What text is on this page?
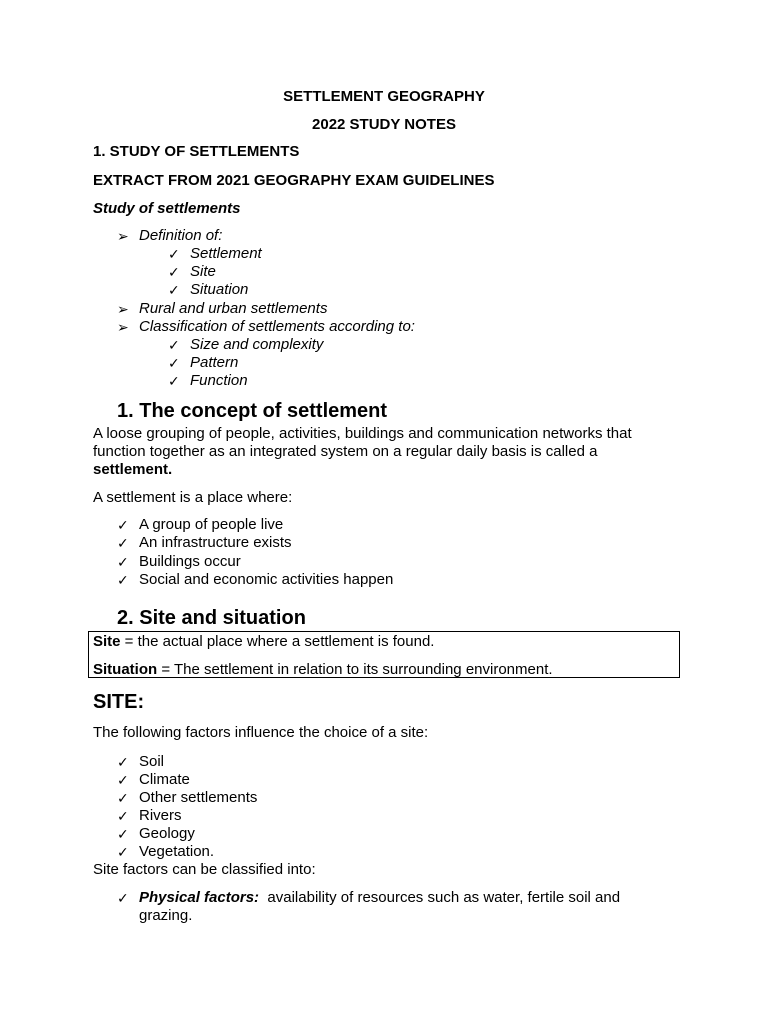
SETTLEMENT GEOGRAPHY
2022 STUDY NOTES
1. STUDY OF SETTLEMENTS
EXTRACT FROM 2021 GEOGRAPHY EXAM GUIDELINES
Study of settlements
➢ Definition of:
✓ Settlement
✓ Site
✓ Situation
➢ Rural and urban settlements
➢ Classification of settlements according to:
✓ Size and complexity
✓ Pattern
✓ Function
1. The concept of settlement
A loose grouping of people, activities, buildings and communication networks that
function together as an integrated system on a regular daily basis is called a
settlement.
A settlement is a place where:
✓ A group of people live
✓ An infrastructure exists
✓ Buildings occur
✓ Social and economic activities happen
2. Site and situation
Site = the actual place where a settlement is found.
Situation = The settlement in relation to its surrounding environment.
SITE:
The following factors influence the choice of a site:
✓ Soil
✓ Climate
✓ Other settlements
✓ Rivers
✓ Geology
✓ Vegetation.
Site factors can be classified into:
✓ Physical factors: availability of resources such as water, fertile soil and
grazing.
